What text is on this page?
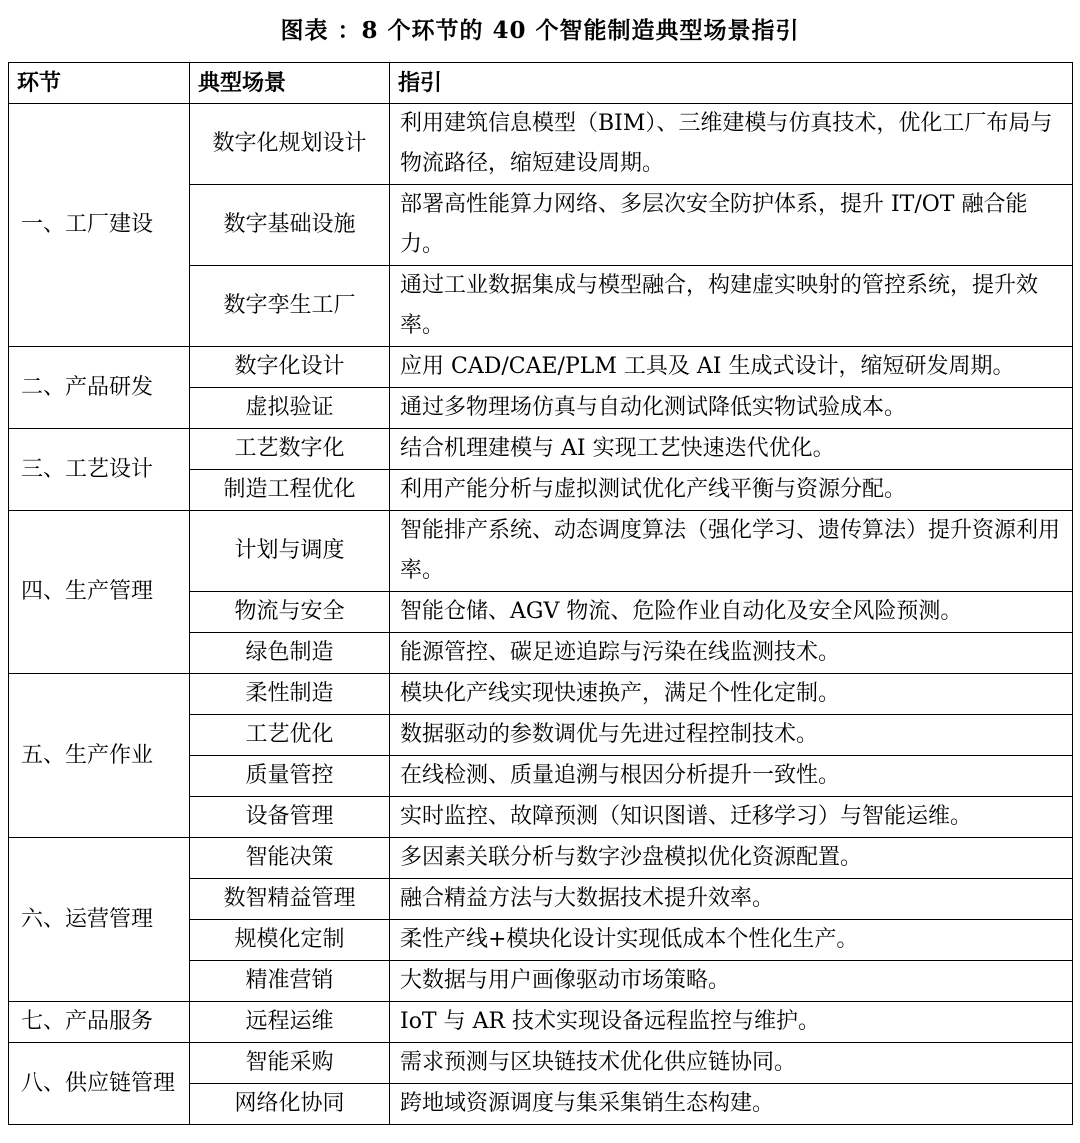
图表 ：8 个环节的 40 个智能制造典型场景指引
环节	典型场景	指引
一、工厂建设	数字化规划设计	利用建筑信息模型（BIM）、三维建模与仿真技术，优化工厂布局与物流路径，缩短建设周期。
	数字基础设施	部署高性能算力网络、多层次安全防护体系，提升 IT/OT 融合能力。
	数字孪生工厂	通过工业数据集成与模型融合，构建虚实映射的管控系统，提升效率。
二、产品研发	数字化设计	应用 CAD/CAE/PLM 工具及 AI 生成式设计，缩短研发周期。
	虚拟验证	通过多物理场仿真与自动化测试降低实物试验成本。
三、工艺设计	工艺数字化	结合机理建模与 AI 实现工艺快速迭代优化。
	制造工程优化	利用产能分析与虚拟测试优化产线平衡与资源分配。
四、生产管理	计划与调度	智能排产系统、动态调度算法（强化学习、遗传算法）提升资源利用率。
	物流与安全	智能仓储、AGV 物流、危险作业自动化及安全风险预测。
	绿色制造	能源管控、碳足迹追踪与污染在线监测技术。
五、生产作业	柔性制造	模块化产线实现快速换产，满足个性化定制。
	工艺优化	数据驱动的参数调优与先进过程控制技术。
	质量管控	在线检测、质量追溯与根因分析提升一致性。
	设备管理	实时监控、故障预测（知识图谱、迁移学习）与智能运维。
六、运营管理	智能决策	多因素关联分析与数字沙盘模拟优化资源配置。
	数智精益管理	融合精益方法与大数据技术提升效率。
	规模化定制	柔性产线+模块化设计实现低成本个性化生产。
	精准营销	大数据与用户画像驱动市场策略。
七、产品服务	远程运维	IoT 与 AR 技术实现设备远程监控与维护。
八、供应链管理	智能采购	需求预测与区块链技术优化供应链协同。
	网络化协同	跨地域资源调度与集采集销生态构建。
